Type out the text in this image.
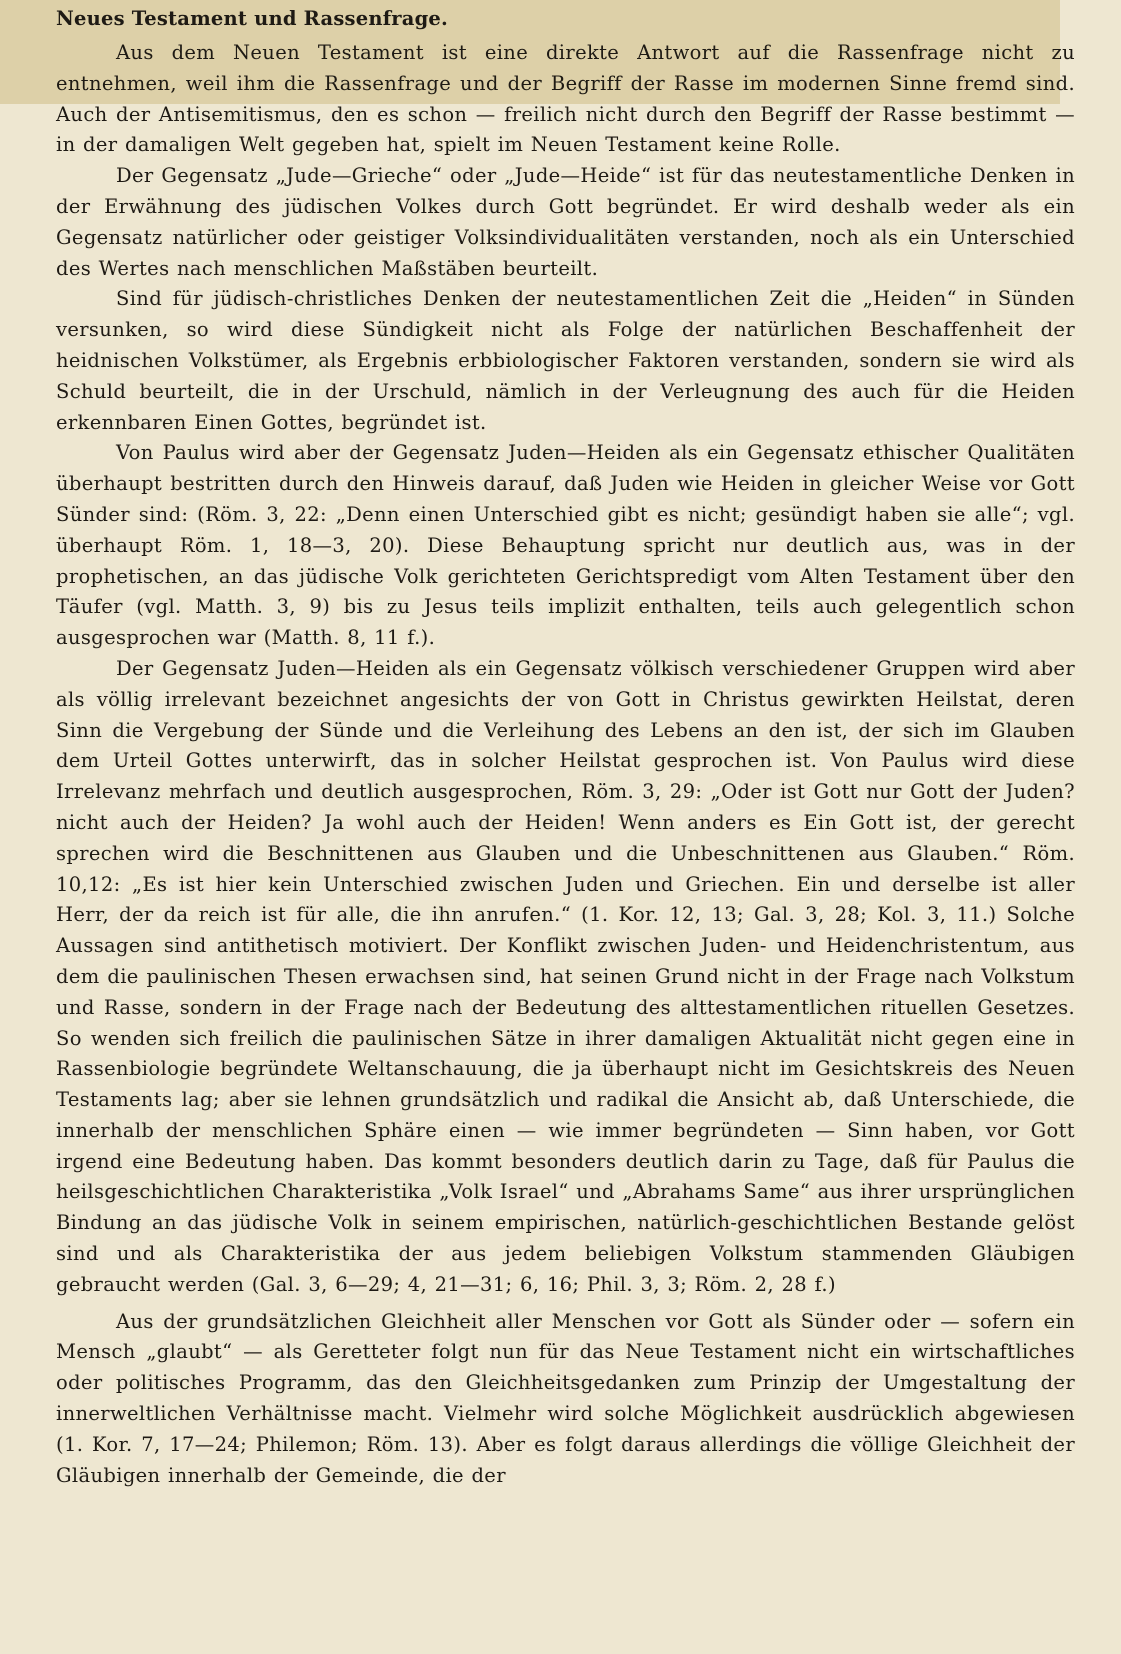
Neues Testament und Rassenfrage.

Aus dem Neuen Testament ist eine direkte Antwort auf die Rassenfrage nicht zu entnehmen, weil ihm die Rassenfrage und der Begriff der Rasse im modernen Sinne fremd sind. Auch der Antisemitismus, den es schon — freilich nicht durch den Begriff der Rasse bestimmt — in der damaligen Welt gegeben hat, spielt im Neuen Testament keine Rolle.

Der Gegensatz „Jude—Grieche“ oder „Jude—Heide“ ist für das neutestamentliche Denken in der Erwähnung des jüdischen Volkes durch Gott begründet. Er wird deshalb weder als ein Gegensatz natürlicher oder geistiger Volksindividualitäten verstanden, noch als ein Unterschied des Wertes nach menschlichen Maßstäben beurteilt.

Sind für jüdisch-christliches Denken der neutestamentlichen Zeit die „Heiden“ in Sünden versunken, so wird diese Sündigkeit nicht als Folge der natürlichen Beschaffenheit der heidnischen Volkstümer, als Ergebnis erbbiologischer Faktoren verstanden, sondern sie wird als Schuld beurteilt, die in der Urschuld, nämlich in der Verleugnung des auch für die Heiden erkennbaren Einen Gottes, begründet ist.

Von Paulus wird aber der Gegensatz Juden—Heiden als ein Gegensatz ethischer Qualitäten überhaupt bestritten durch den Hinweis darauf, daß Juden wie Heiden in gleicher Weise vor Gott Sünder sind: (Röm. 3, 22: „Denn einen Unterschied gibt es nicht; gesündigt haben sie alle“; vgl. überhaupt Röm. 1, 18—3, 20). Diese Behauptung spricht nur deutlich aus, was in der prophetischen, an das jüdische Volk gerichteten Gerichtspredigt vom Alten Testament über den Täufer (vgl. Matth. 3, 9) bis zu Jesus teils implizit enthalten, teils auch gelegentlich schon ausgesprochen war (Matth. 8, 11 f.).

Der Gegensatz Juden—Heiden als ein Gegensatz völkisch verschiedener Gruppen wird aber als völlig irrelevant bezeichnet angesichts der von Gott in Christus gewirkten Heilstat, deren Sinn die Vergebung der Sünde und die Verleihung des Lebens an den ist, der sich im Glauben dem Urteil Gottes unterwirft, das in solcher Heilstat gesprochen ist. Von Paulus wird diese Irrelevanz mehrfach und deutlich ausgesprochen, Röm. 3, 29: „Oder ist Gott nur Gott der Juden? nicht auch der Heiden? Ja wohl auch der Heiden! Wenn anders es Ein Gott ist, der gerecht sprechen wird die Beschnittenen aus Glauben und die Unbeschnittenen aus Glauben.“ Röm. 10,12: „Es ist hier kein Unterschied zwischen Juden und Griechen. Ein und derselbe ist aller Herr, der da reich ist für alle, die ihn anrufen.“ (1. Kor. 12, 13; Gal. 3, 28; Kol. 3, 11.) Solche Aussagen sind antithetisch motiviert. Der Konflikt zwischen Juden- und Heidenchristentum, aus dem die paulinischen Thesen erwachsen sind, hat seinen Grund nicht in der Frage nach Volkstum und Rasse, sondern in der Frage nach der Bedeutung des alttestamentlichen rituellen Gesetzes. So wenden sich freilich die paulinischen Sätze in ihrer damaligen Aktualität nicht gegen eine in Rassenbiologie begründete Weltanschauung, die ja überhaupt nicht im Gesichtskreis des Neuen Testaments lag; aber sie lehnen grundsätzlich und radikal die Ansicht ab, daß Unterschiede, die innerhalb der menschlichen Sphäre einen — wie immer begründeten — Sinn haben, vor Gott irgend eine Bedeutung haben. Das kommt besonders deutlich darin zu Tage, daß für Paulus die heilsgeschichtlichen Charakteristika „Volk Israel“ und „Abrahams Same“ aus ihrer ursprünglichen Bindung an das jüdische Volk in seinem empirischen, natürlich-geschichtlichen Bestande gelöst sind und als Charakteristika der aus jedem beliebigen Volkstum stammenden Gläubigen gebraucht werden (Gal. 3, 6—29; 4, 21—31; 6, 16; Phil. 3, 3; Röm. 2, 28 f.)

Aus der grundsätzlichen Gleichheit aller Menschen vor Gott als Sünder oder — sofern ein Mensch „glaubt“ — als Geretteter folgt nun für das Neue Testament nicht ein wirtschaftliches oder politisches Programm, das den Gleichheitsgedanken zum Prinzip der Umgestaltung der innerweltlichen Verhältnisse macht. Vielmehr wird solche Möglichkeit ausdrücklich abgewiesen (1. Kor. 7, 17—24; Philemon; Röm. 13). Aber es folgt daraus allerdings die völlige Gleichheit der Gläubigen innerhalb der Gemeinde, die der
